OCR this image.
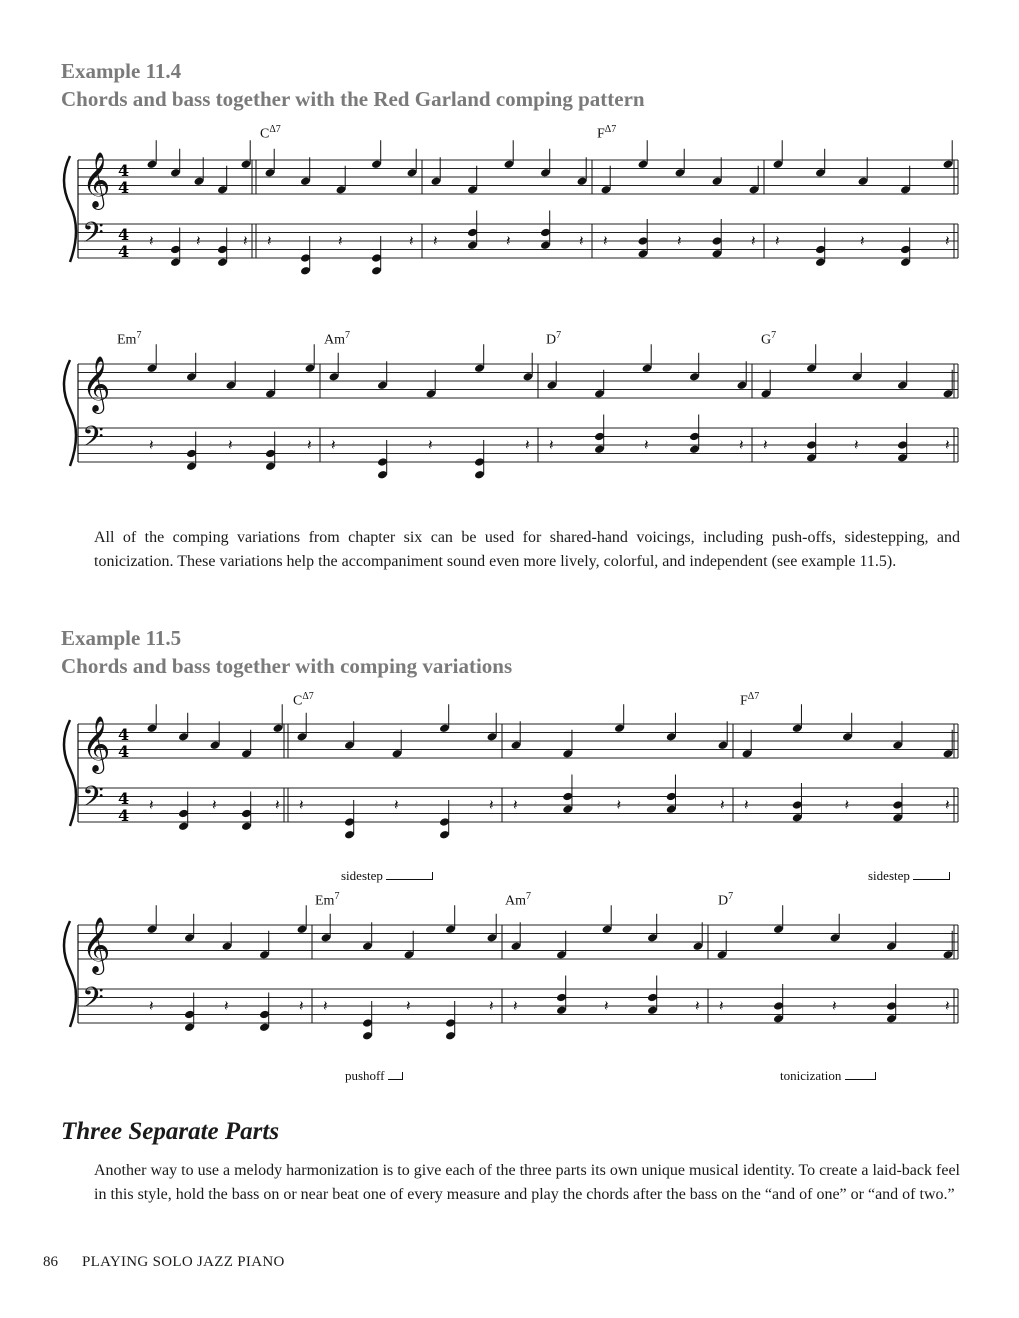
Example 11.4
Chords and bass together with the Red Garland comping pattern
$C^{\Delta 7}$	$F^{\Delta 7}$
𝄞 4
4
𝄢 4
4
𝄽	𝄽	𝄽 𝄽	𝄽	𝄽 𝄽	𝄽	𝄽 𝄽	𝄽	𝄽 𝄽	𝄽	𝄽
Em$^7$	Am$^7$	$D^7$	$G^7$
𝄞
𝄢	𝄽	𝄽	𝄽 𝄽	𝄽	𝄽 𝄽	𝄽	𝄽 𝄽	𝄽	𝄽
All of the comping variations from chapter six can be used for shared-hand voicings, including push-offs, sidestepping, and tonicization. These variations help the accompaniment sound even more lively, colorful, and independent (see example 11.5).
Example 11.5
Chords and bass together with comping variations
$C^{\Delta 7}$	$F^{\Delta 7}$
𝄞 4
4
𝄢 4
4
𝄽	𝄽	𝄽 𝄽	𝄽	𝄽 𝄽	𝄽	𝄽 𝄽	𝄽	𝄽
sidestep	sidestep
Em$^7$	Am$^7$	$D^7$
𝄞
𝄢	𝄽	𝄽	𝄽 𝄽	𝄽	𝄽 𝄽	𝄽	𝄽 𝄽	𝄽	𝄽
pushoff	tonicization
Three Separate Parts
Another way to use a melody harmonization is to give each of the three parts its own unique musical identity. To create a laid-back feel in this style, hold the bass on or near beat one of every measure and play the chords after the bass on the “and of one” or “and of two.”
86 PLAYING SOLO JAZZ PIANO
